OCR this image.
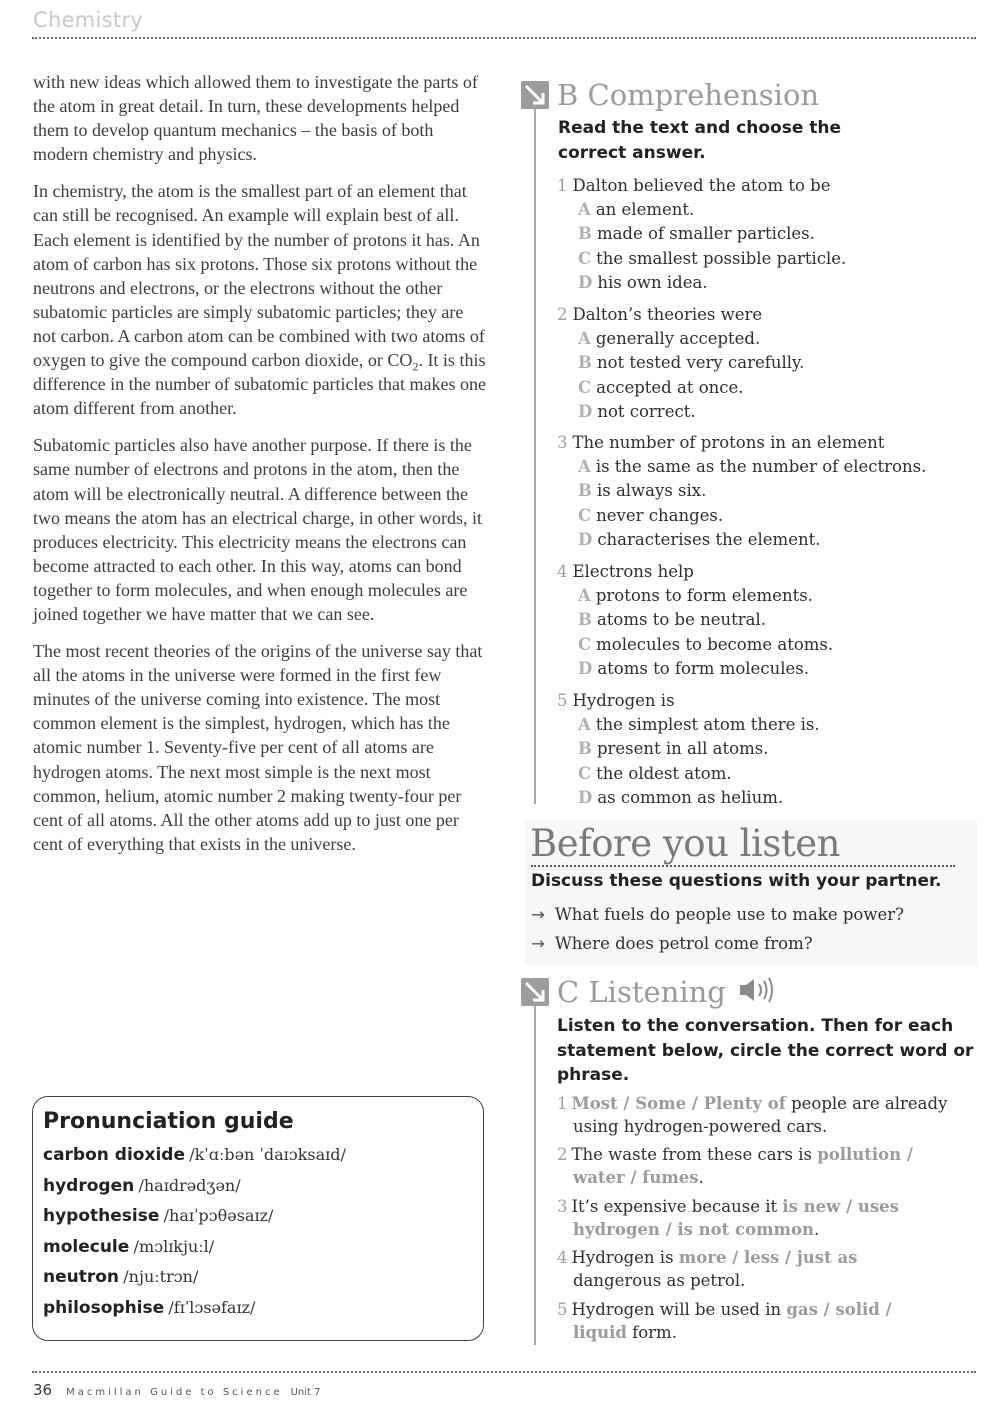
Chemistry

with new ideas which allowed them to investigate the parts of the atom in great detail. In turn, these developments helped them to develop quantum mechanics – the basis of both modern chemistry and physics.

In chemistry, the atom is the smallest part of an element that can still be recognised. An example will explain best of all. Each element is identified by the number of protons it has. An atom of carbon has six protons. Those six protons without the neutrons and electrons, or the electrons without the other subatomic particles are simply subatomic particles; they are not carbon. A carbon atom can be combined with two atoms of oxygen to give the compound carbon dioxide, or $CO_2$. It is this difference in the number of subatomic particles that makes one atom different from another.

Subatomic particles also have another purpose. If there is the same number of electrons and protons in the atom, then the atom will be electronically neutral. A difference between the two means the atom has an electrical charge, in other words, it produces electricity. This electricity means the electrons can become attracted to each other. In this way, atoms can bond together to form molecules, and when enough molecules are joined together we have matter that we can see.

The most recent theories of the origins of the universe say that all the atoms in the universe were formed in the first few minutes of the universe coming into existence. The most common element is the simplest, hydrogen, which has the atomic number 1. Seventy-five per cent of all atoms are hydrogen atoms. The next most simple is the next most common, helium, atomic number 2 making twenty-four per cent of all atoms. All the other atoms add up to just one per cent of everything that exists in the universe.

Pronunciation guide
carbon dioxide /kˈɑːbən ˈdaɪɔksaɪd/
hydrogen /haɪdrədʒən/
hypothesise /haɪˈpɔθəsaɪz/
molecule /mɔlɪkjuːl/
neutron /njuːtrɔn/
philosophise /fɪˈlɔsəfaɪz/
B Comprehension
Read the text and choose the correct answer.
1 Dalton believed the atom to be
A an element.
B made of smaller particles.
C the smallest possible particle.
D his own idea.
2 Dalton’s theories were
A generally accepted.
B not tested very carefully.
C accepted at once.
D not correct.
3 The number of protons in an element
A is the same as the number of electrons.
B is always six.
C never changes.
D characterises the element.
4 Electrons help
A protons to form elements.
B atoms to be neutral.
C molecules to become atoms.
D atoms to form molecules.
5 Hydrogen is
A the simplest atom there is.
B present in all atoms.
C the oldest atom.
D as common as helium.
Before you listen
Discuss these questions with your partner.
→ What fuels do people use to make power?
→ Where does petrol come from?
C Listening
Listen to the conversation. Then for each statement below, circle the correct word or phrase.
1 Most / Some / Plenty of people are already
using hydrogen-powered cars.
2 The waste from these cars is pollution /
water / fumes.
3 It’s expensive because it is new / uses
hydrogen / is not common.
4 Hydrogen is more / less / just as
dangerous as petrol.
5 Hydrogen will be used in gas / solid /
liquid form.
36 Macmillan Guide to Science Unit 7
